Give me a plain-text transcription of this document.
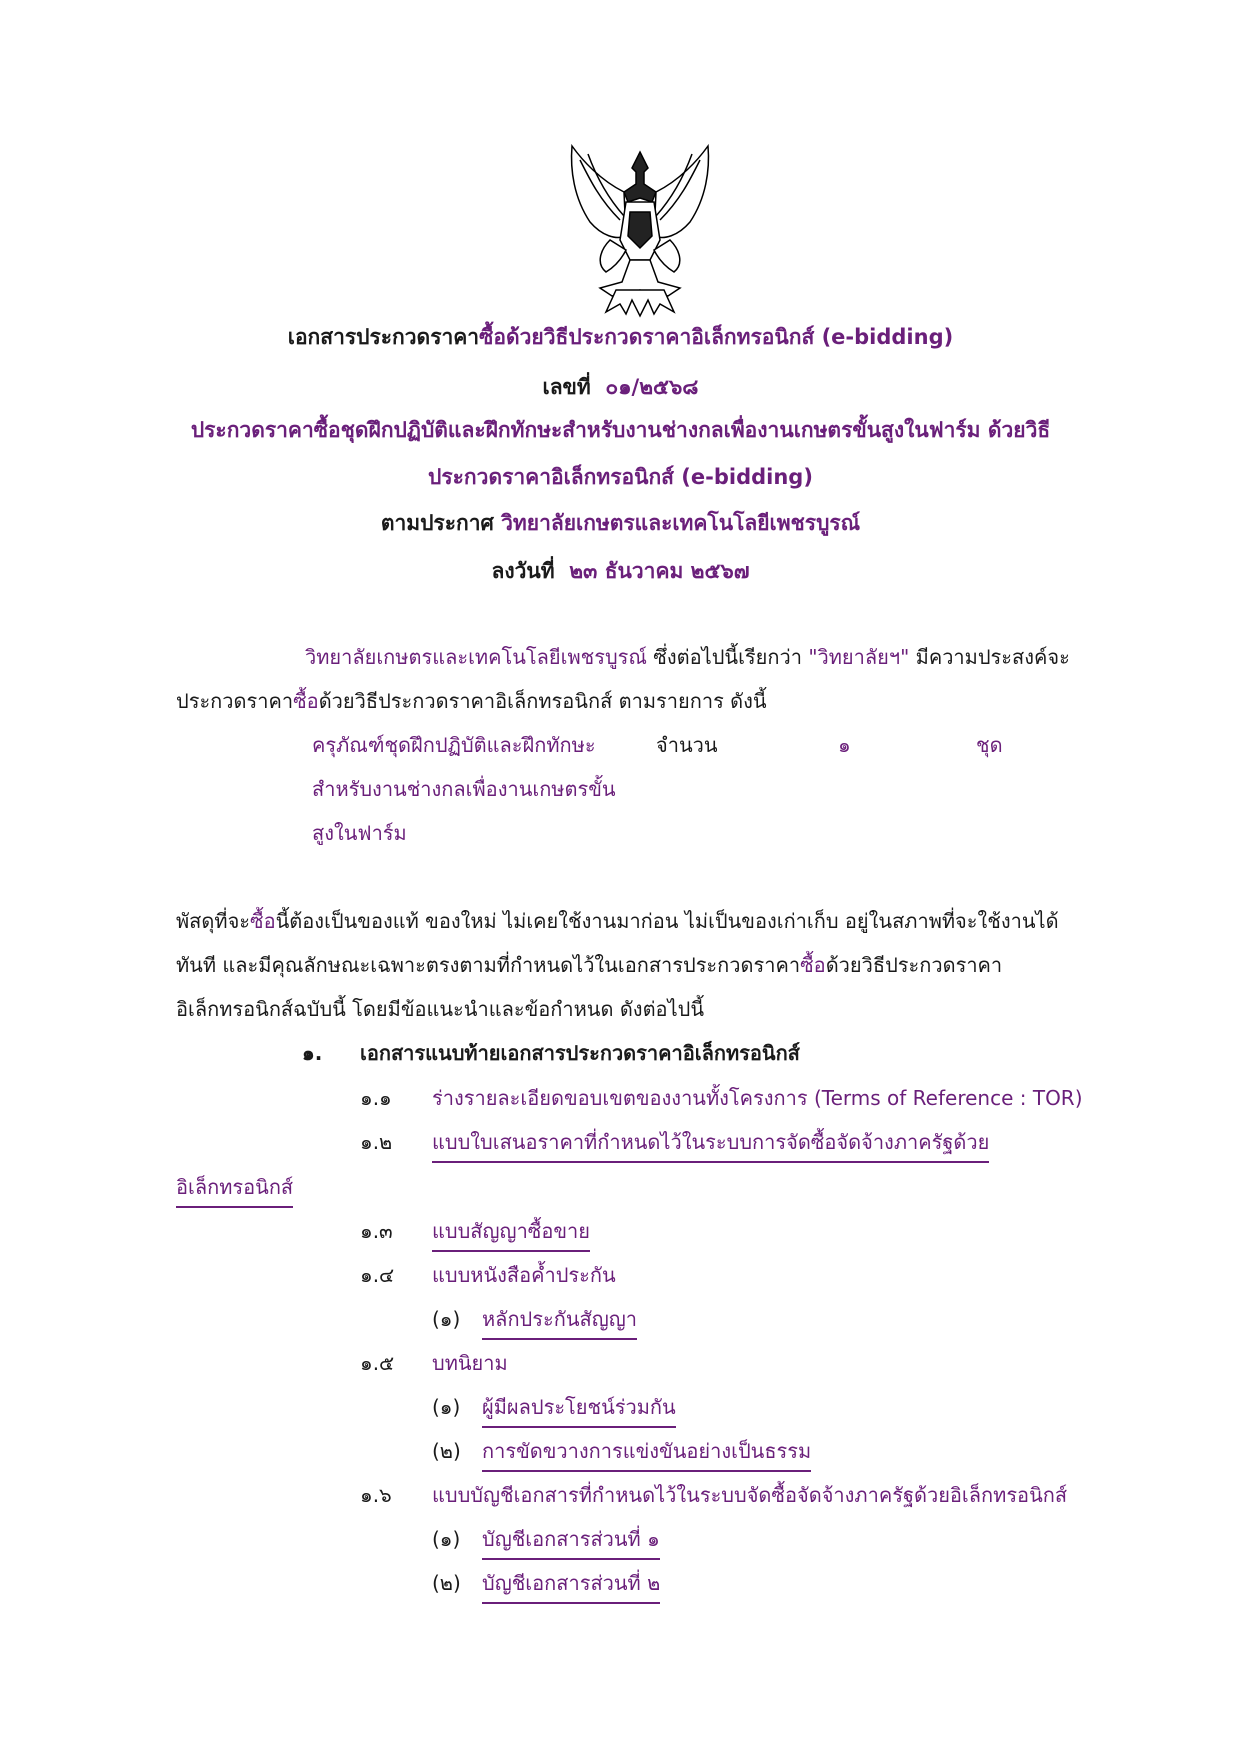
เอกสารประกวดราคาซื้อด้วยวิธีประกวดราคาอิเล็กทรอนิกส์ (e-bidding)
เลขที่ ๐๑/๒๕๖๘
ประกวดราคาซื้อชุดฝึกปฏิบัติและฝึกทักษะสำหรับงานช่างกลเพื่องานเกษตรขั้นสูงในฟาร์ม ด้วยวิธี
ประกวดราคาอิเล็กทรอนิกส์ (e-bidding)
ตามประกาศ วิทยาลัยเกษตรและเทคโนโลยีเพชรบูรณ์
ลงวันที่ ๒๓ ธันวาคม ๒๕๖๗
วิทยาลัยเกษตรและเทคโนโลยีเพชรบูรณ์ ซึ่งต่อไปนี้เรียกว่า "วิทยาลัยฯ" มีความประสงค์จะ
ประกวดราคาซื้อด้วยวิธีประกวดราคาอิเล็กทรอนิกส์ ตามรายการ ดังนี้
ครุภัณฑ์ชุดฝึกปฏิบัติและฝึกทักษะ	จำนวน	๑	ชุด
สำหรับงานช่างกลเพื่องานเกษตรขั้น
สูงในฟาร์ม
พัสดุที่จะซื้อนี้ต้องเป็นของแท้ ของใหม่ ไม่เคยใช้งานมาก่อน ไม่เป็นของเก่าเก็บ อยู่ในสภาพที่จะใช้งานได้
ทันที และมีคุณลักษณะเฉพาะตรงตามที่กำหนดไว้ในเอกสารประกวดราคาซื้อด้วยวิธีประกวดราคา
อิเล็กทรอนิกส์ฉบับนี้ โดยมีข้อแนะนำและข้อกำหนด ดังต่อไปนี้
๑. เอกสารแนบท้ายเอกสารประกวดราคาอิเล็กทรอนิกส์
๑.๑ ร่างรายละเอียดขอบเขตของงานทั้งโครงการ (Terms of Reference : TOR)
๑.๒ แบบใบเสนอราคาที่กำหนดไว้ในระบบการจัดซื้อจัดจ้างภาครัฐด้วย
อิเล็กทรอนิกส์
๑.๓ แบบสัญญาซื้อขาย
๑.๔ แบบหนังสือค้ำประกัน
(๑) หลักประกันสัญญา
๑.๕ บทนิยาม
(๑) ผู้มีผลประโยชน์ร่วมกัน
(๒) การขัดขวางการแข่งขันอย่างเป็นธรรม
๑.๖ แบบบัญชีเอกสารที่กำหนดไว้ในระบบจัดซื้อจัดจ้างภาครัฐด้วยอิเล็กทรอนิกส์
(๑) บัญชีเอกสารส่วนที่ ๑
(๒) บัญชีเอกสารส่วนที่ ๒
